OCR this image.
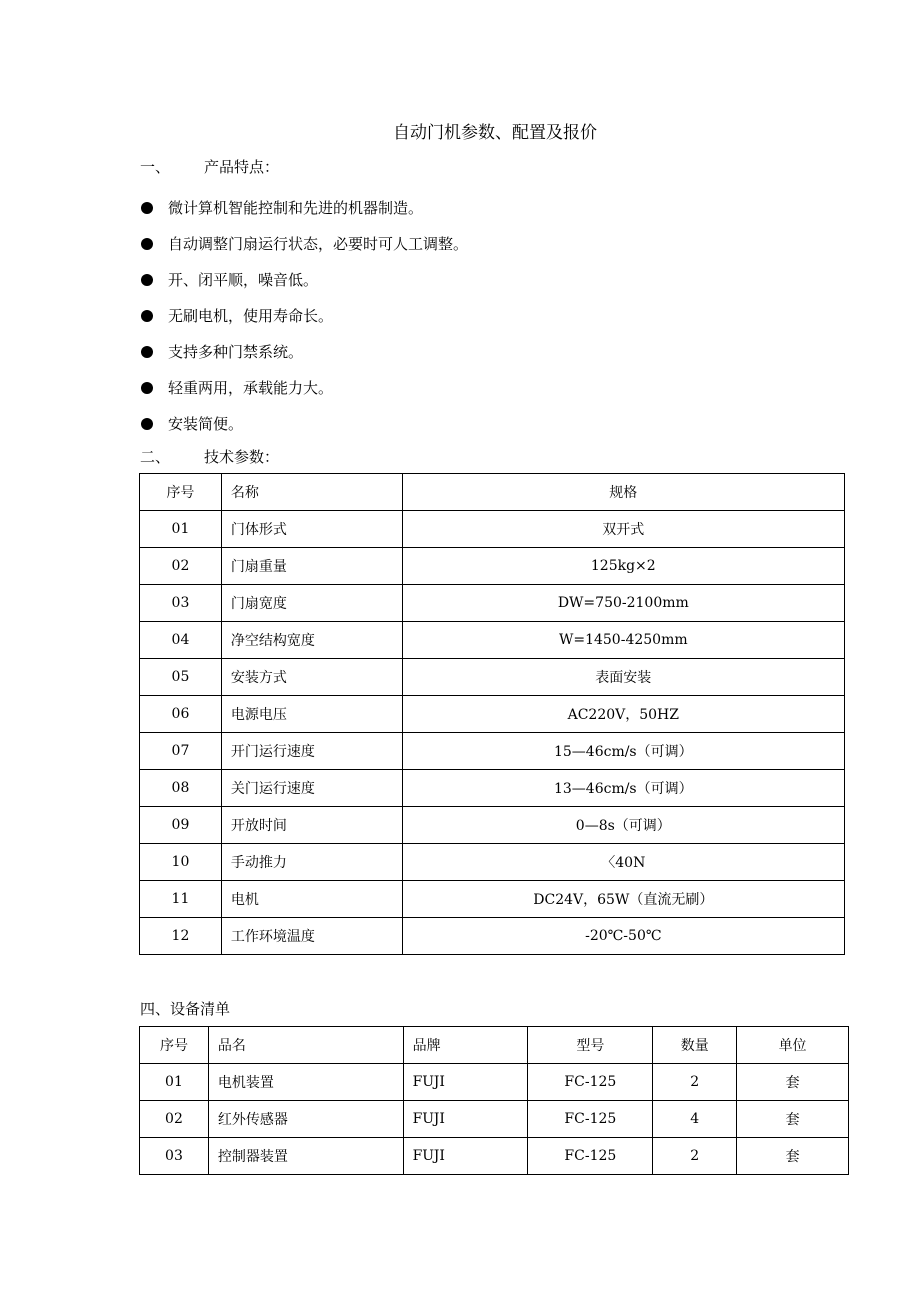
自动门机参数、配置及报价
一、 产品特点：
微计算机智能控制和先进的机器制造。
自动调整门扇运行状态，必要时可人工调整。
开、闭平顺，噪音低。
无刷电机，使用寿命长。
支持多种门禁系统。
轻重两用，承载能力大。
安装简便。
二、 技术参数：
序号	名称	规格
01	门体形式	双开式
02	门扇重量	125kg×2
03	门扇宽度	DW=750-2100mm
04	净空结构宽度	W=1450-4250mm
05	安装方式	表面安装
06	电源电压	AC220V，50HZ
07	开门运行速度	15—46cm/s（可调）
08	关门运行速度	13—46cm/s（可调）
09	开放时间	0—8s（可调）
10	手动推力	〈40N
11	电机	DC24V，65W（直流无刷）
12	工作环境温度	-20℃-50℃
四、设备清单
序号	品名	品牌	型号	数量	单位
01	电机装置	FUJI	FC-125	2	套
02	红外传感器	FUJI	FC-125	4	套
03	控制器装置	FUJI	FC-125	2	套
